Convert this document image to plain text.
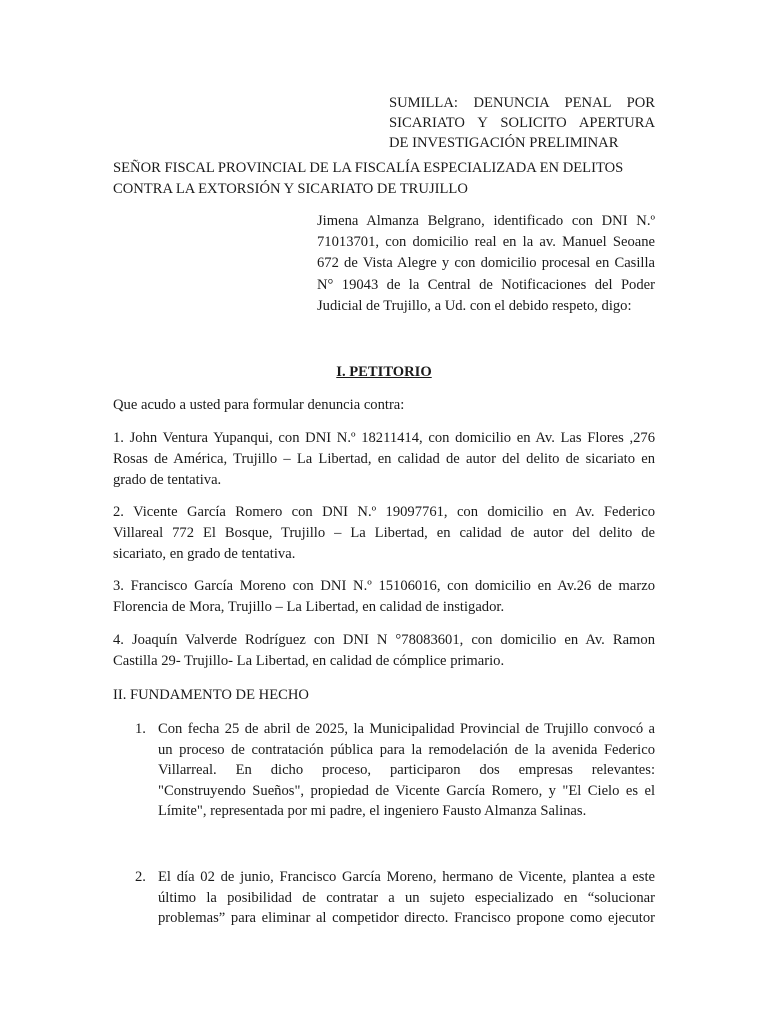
SUMILLA: DENUNCIA PENAL POR
SICARIATO Y SOLICITO APERTURA
DE INVESTIGACIÓN PRELIMINAR
SEÑOR FISCAL PROVINCIAL DE LA FISCALÍA ESPECIALIZADA EN DELITOS
CONTRA LA EXTORSIÓN Y SICARIATO DE TRUJILLO
Jimena Almanza Belgrano, identificado con DNI N.º
71013701, con domicilio real en la av. Manuel Seoane
672 de Vista Alegre y con domicilio procesal en Casilla
N° 19043 de la Central de Notificaciones del Poder
Judicial de Trujillo, a Ud. con el debido respeto, digo:
I. PETITORIO
Que acudo a usted para formular denuncia contra:
1. John Ventura Yupanqui, con DNI N.º 18211414, con domicilio en Av. Las Flores ,276
Rosas de América, Trujillo – La Libertad, en calidad de autor del delito de sicariato en
grado de tentativa.
2. Vicente García Romero con DNI N.º 19097761, con domicilio en Av. Federico
Villareal 772 El Bosque, Trujillo – La Libertad, en calidad de autor del delito de
sicariato, en grado de tentativa.
3. Francisco García Moreno con DNI N.º 15106016, con domicilio en Av.26 de marzo
Florencia de Mora, Trujillo – La Libertad, en calidad de instigador.
4. Joaquín Valverde Rodríguez con DNI N °78083601, con domicilio en Av. Ramon
Castilla 29- Trujillo- La Libertad, en calidad de cómplice primario.
II. FUNDAMENTO DE HECHO
1. Con fecha 25 de abril de 2025, la Municipalidad Provincial de Trujillo convocó a
un proceso de contratación pública para la remodelación de la avenida Federico
Villarreal. En dicho proceso, participaron dos empresas relevantes:
"Construyendo Sueños", propiedad de Vicente García Romero, y "El Cielo es el
Límite", representada por mi padre, el ingeniero Fausto Almanza Salinas.
2. El día 02 de junio, Francisco García Moreno, hermano de Vicente, plantea a este
último la posibilidad de contratar a un sujeto especializado en “solucionar
problemas” para eliminar al competidor directo. Francisco propone como ejecutor
